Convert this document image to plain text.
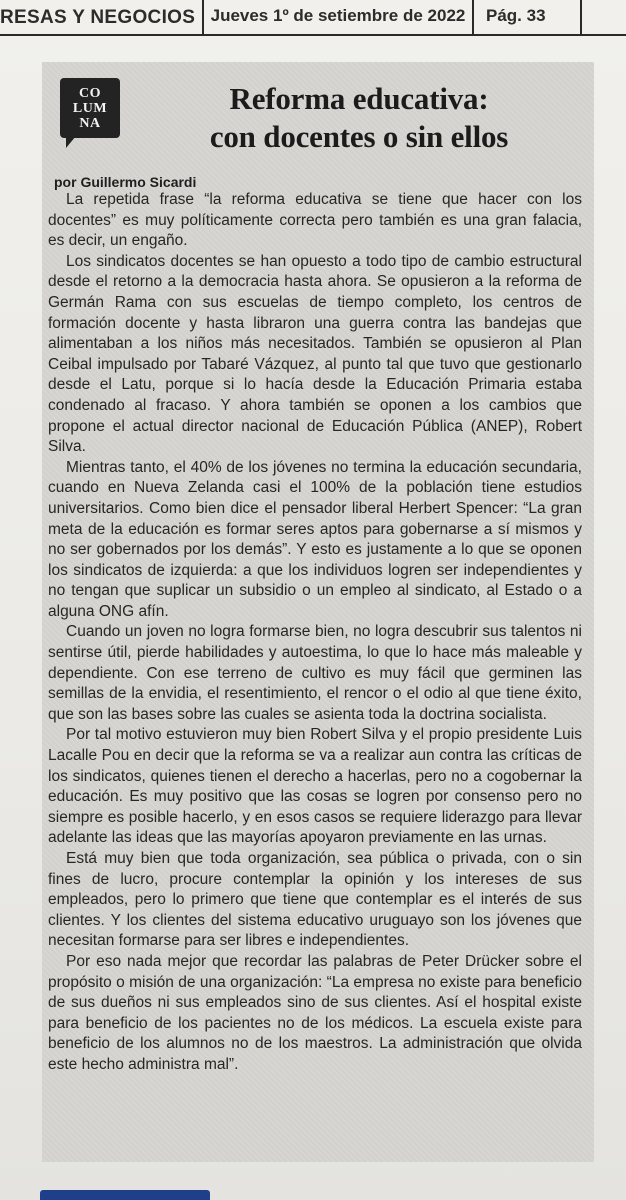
RESAS Y NEGOCIOS Jueves 1º de setiembre de 2022	Pág. 33
CO
LUM
NA
Reforma educativa:
con docentes o sin ellos
por Guillermo Sicardi

La repetida frase “la reforma educativa se tiene que hacer con los docentes” es muy políticamente correcta pero también es una gran falacia, es decir, un engaño.

Los sindicatos docentes se han opuesto a todo tipo de cambio estructural desde el retorno a la democracia hasta ahora. Se opusieron a la reforma de Germán Rama con sus escuelas de tiempo completo, los centros de formación docente y hasta libraron una guerra contra las bandejas que alimentaban a los niños más necesitados. También se opusieron al Plan Ceibal impulsado por Tabaré Vázquez, al punto tal que tuvo que gestionarlo desde el Latu, porque si lo hacía desde la Educación Primaria estaba condenado al fracaso. Y ahora también se oponen a los cambios que propone el actual director nacional de Educación Pública (ANEP), Robert Silva.

Mientras tanto, el 40% de los jóvenes no termina la educación secundaria, cuando en Nueva Zelanda casi el 100% de la población tiene estudios universitarios. Como bien dice el pensador liberal Herbert Spencer: “La gran meta de la educación es formar seres aptos para gobernarse a sí mismos y no ser gobernados por los demás”. Y esto es justamente a lo que se oponen los sindicatos de izquierda: a que los individuos logren ser independientes y no tengan que suplicar un subsidio o un empleo al sindicato, al Estado o a alguna ONG afín.

Cuando un joven no logra formarse bien, no logra descubrir sus talentos ni sentirse útil, pierde habilidades y autoestima, lo que lo hace más maleable y dependiente. Con ese terreno de cultivo es muy fácil que germinen las semillas de la envidia, el resentimiento, el rencor o el odio al que tiene éxito, que son las bases sobre las cuales se asienta toda la doctrina socialista.

Por tal motivo estuvieron muy bien Robert Silva y el propio presidente Luis Lacalle Pou en decir que la reforma se va a realizar aun contra las críticas de los sindicatos, quienes tienen el derecho a hacerlas, pero no a cogobernar la educación. Es muy positivo que las cosas se logren por consenso pero no siempre es posible hacerlo, y en esos casos se requiere liderazgo para llevar adelante las ideas que las mayorías apoyaron previamente en las urnas.

Está muy bien que toda organización, sea pública o privada, con o sin fines de lucro, procure contemplar la opinión y los intereses de sus empleados, pero lo primero que tiene que contemplar es el interés de sus clientes. Y los clientes del sistema educativo uruguayo son los jóvenes que necesitan formarse para ser libres e independientes.

Por eso nada mejor que recordar las palabras de Peter Drücker sobre el propósito o misión de una organización: “La empresa no existe para beneficio de sus dueños ni sus empleados sino de sus clientes. Así el hospital existe para beneficio de los pacientes no de los médicos. La escuela existe para beneficio de los alumnos no de los maestros. La administración que olvida este hecho administra mal”.
